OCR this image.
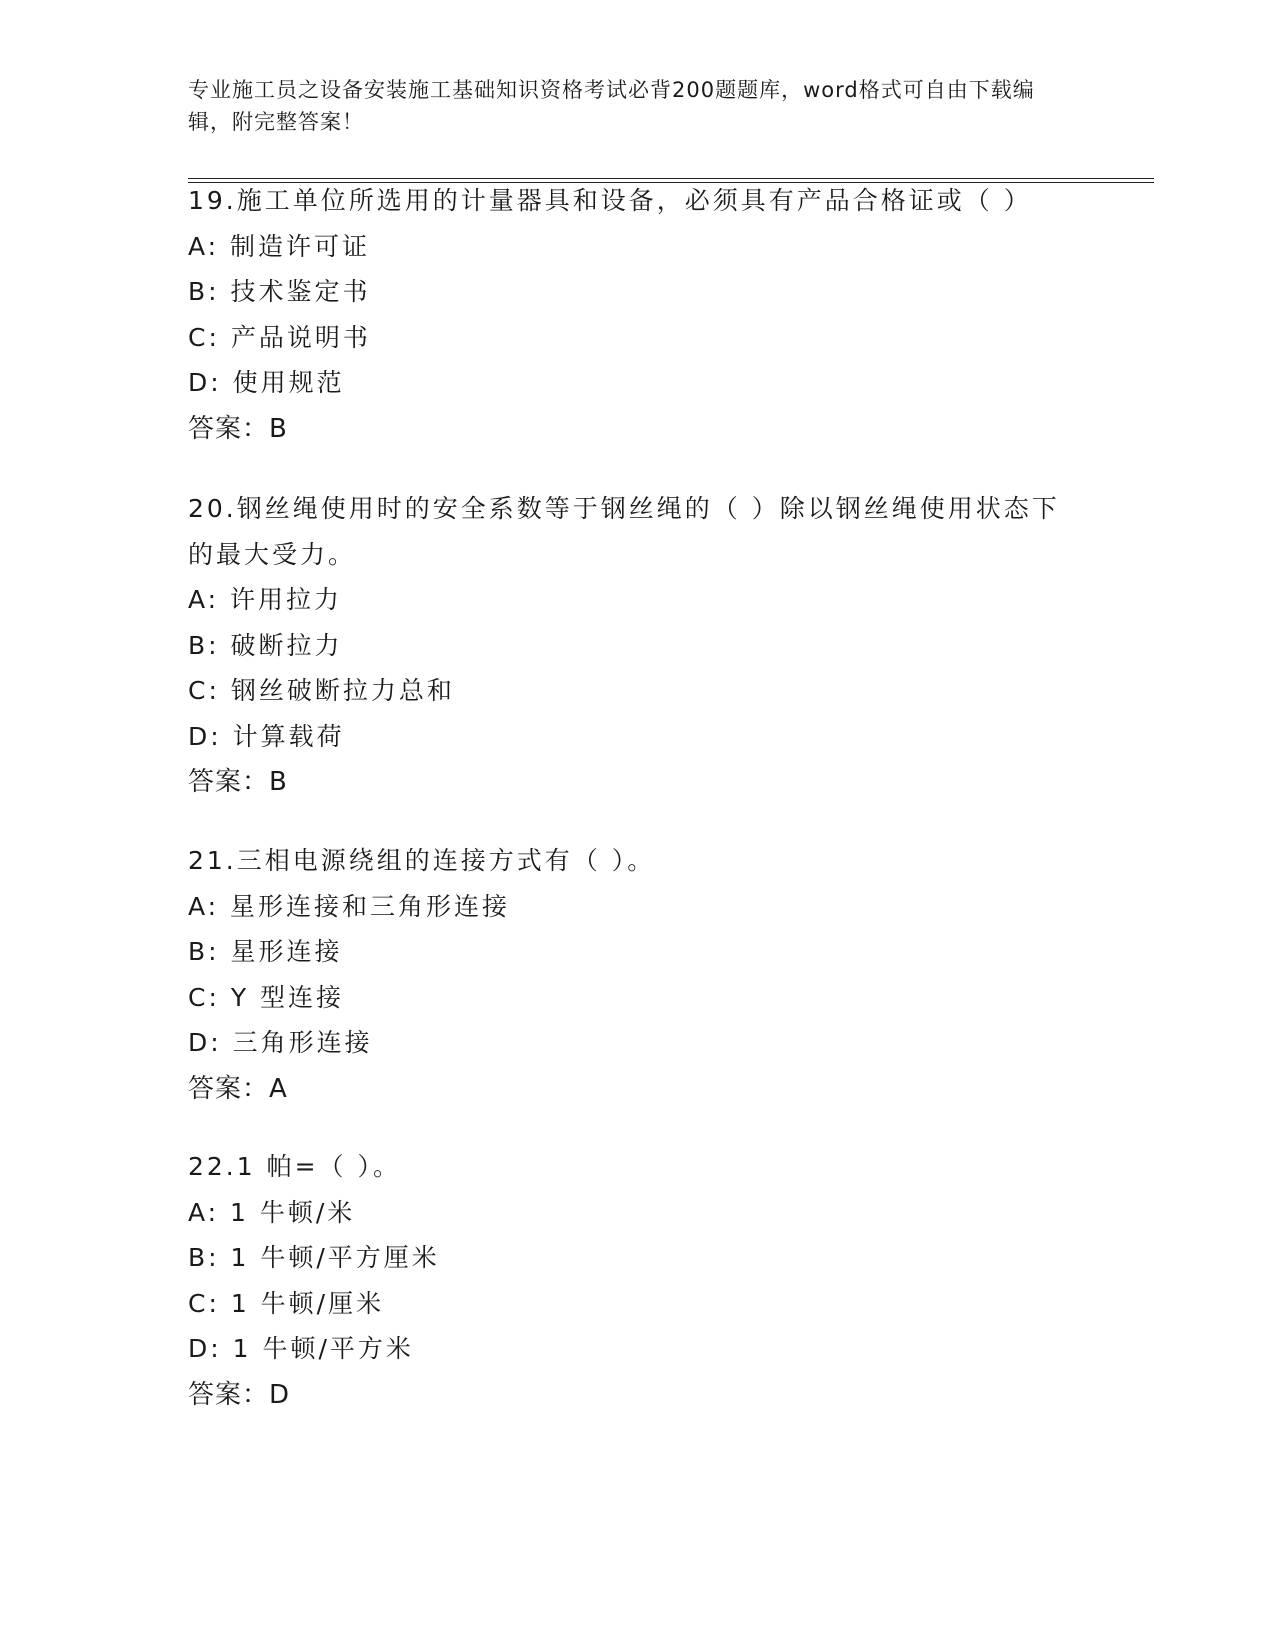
专业施工员之设备安装施工基础知识资格考试必背200题题库，word格式可自由下载编辑，附完整答案！
19.施工单位所选用的计量器具和设备，必须具有产品合格证或（ ）
A: 制造许可证
B: 技术鉴定书
C: 产品说明书
D: 使用规范
答案：B
20.钢丝绳使用时的安全系数等于钢丝绳的（ ）除以钢丝绳使用状态下的最大受力。
A: 许用拉力
B: 破断拉力
C: 钢丝破断拉力总和
D: 计算载荷
答案：B
21.三相电源绕组的连接方式有（ ）。
A: 星形连接和三角形连接
B: 星形连接
C: Y 型连接
D: 三角形连接
答案：A
22.1 帕=（ ）。
A: 1 牛顿/米
B: 1 牛顿/平方厘米
C: 1 牛顿/厘米
D: 1 牛顿/平方米
答案：D
